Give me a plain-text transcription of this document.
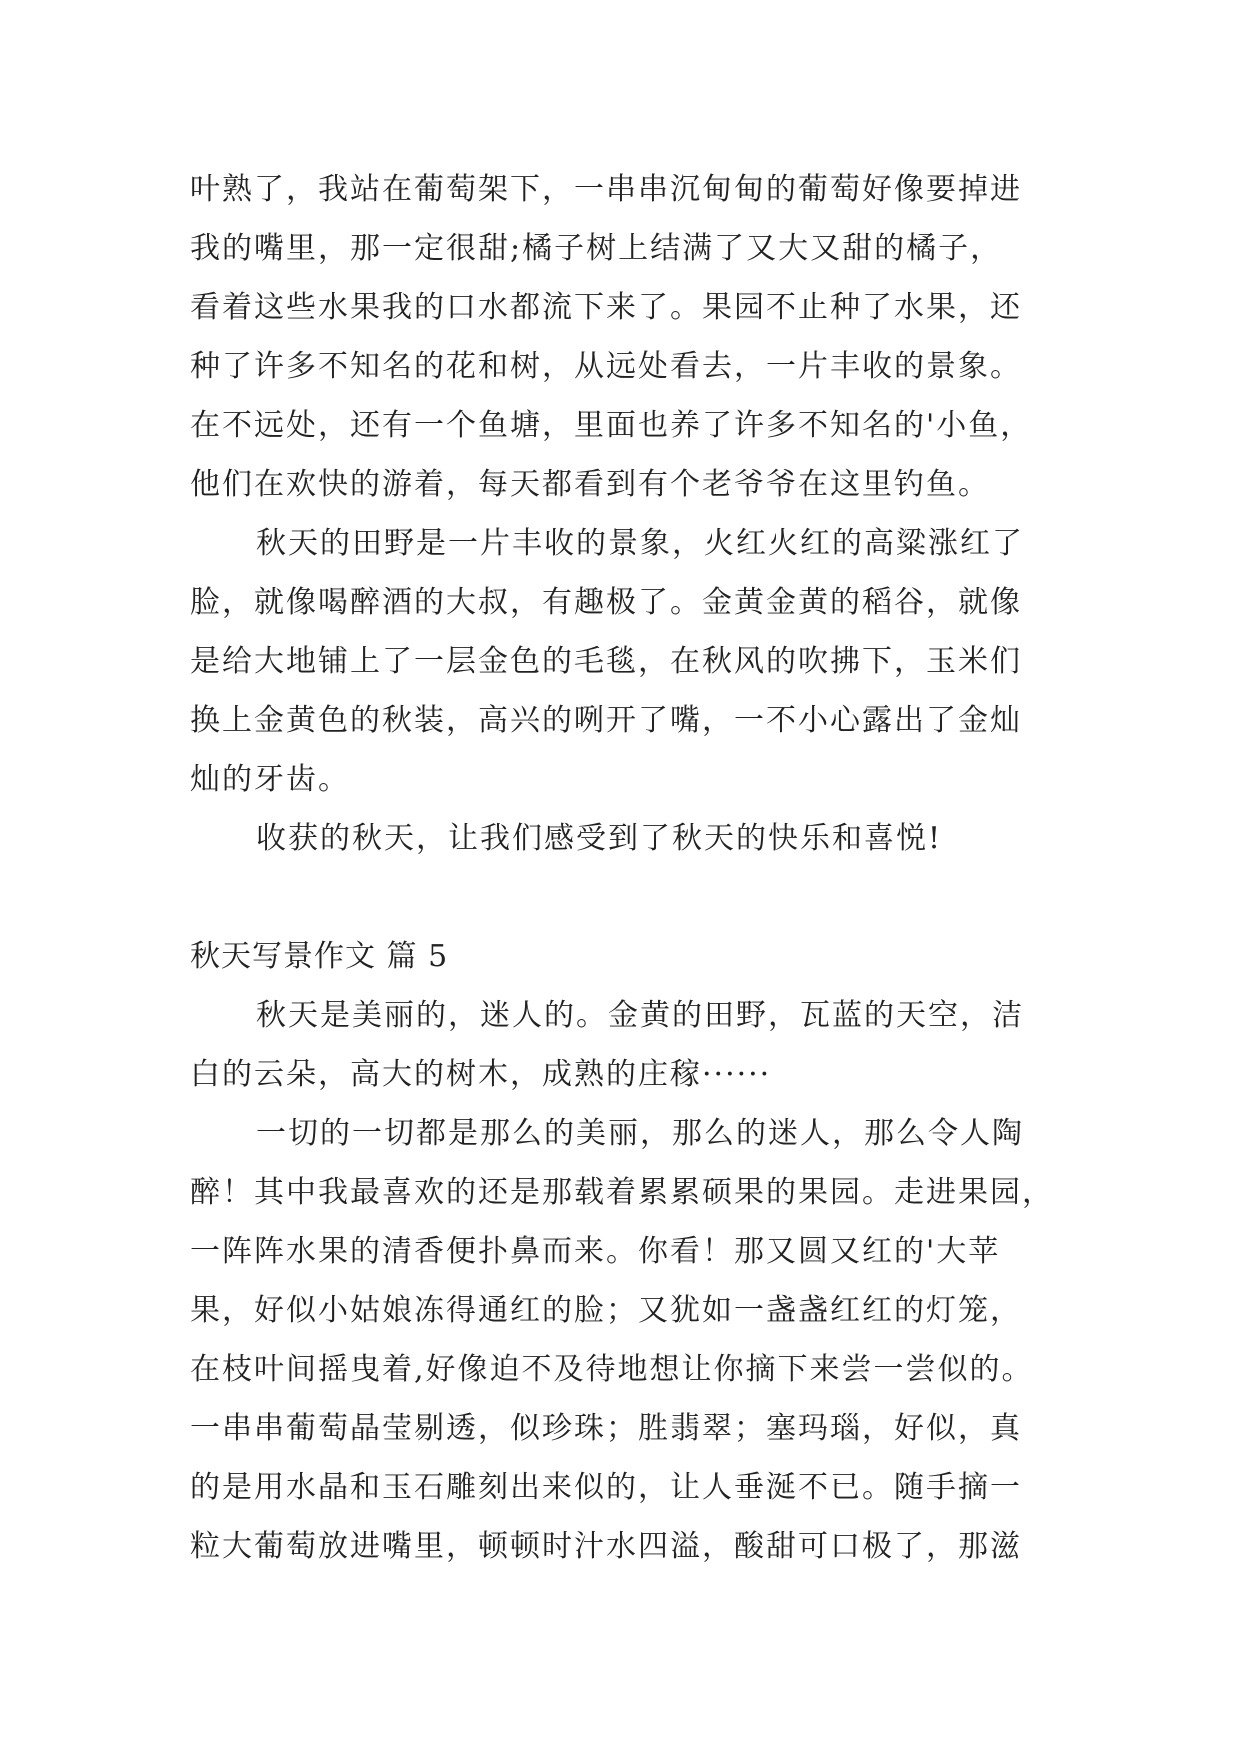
叶熟了，我站在葡萄架下，一串串沉甸甸的葡萄好像要掉进

我的嘴里，那一定很甜;橘子树上结满了又大又甜的橘子，

看着这些水果我的口水都流下来了。果园不止种了水果，还

种了许多不知名的花和树，从远处看去，一片丰收的景象。

在不远处，还有一个鱼塘，里面也养了许多不知名的'小鱼，

他们在欢快的游着，每天都看到有个老爷爷在这里钓鱼。

秋天的田野是一片丰收的景象，火红火红的高粱涨红了

脸，就像喝醉酒的大叔，有趣极了。金黄金黄的稻谷，就像

是给大地铺上了一层金色的毛毯，在秋风的吹拂下，玉米们

换上金黄色的秋装，高兴的咧开了嘴，一不小心露出了金灿

灿的牙齿。

收获的秋天，让我们感受到了秋天的快乐和喜悦!

秋天写景作文 篇 5

秋天是美丽的，迷人的。金黄的田野，瓦蓝的天空，洁

白的云朵，高大的树木，成熟的庄稼······

一切的一切都是那么的美丽，那么的迷人，那么令人陶

醉！其中我最喜欢的还是那载着累累硕果的果园。走进果园，

一阵阵水果的清香便扑鼻而来。你看！那又圆又红的'大苹

果，好似小姑娘冻得通红的脸；又犹如一盏盏红红的灯笼，

在枝叶间摇曳着,好像迫不及待地想让你摘下来尝一尝似的。

一串串葡萄晶莹剔透，似珍珠；胜翡翠；塞玛瑙，好似，真

的是用水晶和玉石雕刻出来似的，让人垂涎不已。随手摘一

粒大葡萄放进嘴里，顿顿时汁水四溢，酸甜可口极了，那滋
